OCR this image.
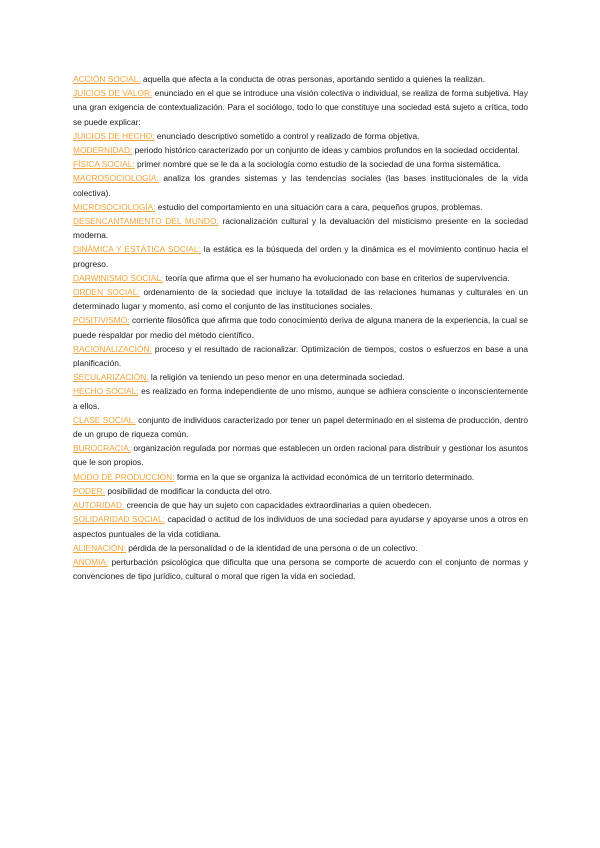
ACCIÓN SOCIAL: aquella que afecta a la conducta de otras personas, aportando sentido a quienes la realizan.

JUICIOS DE VALOR: enunciado en el que se introduce una visión colectiva o individual, se realiza de forma subjetiva. Hay una gran exigencia de contextualización. Para el sociólogo, todo lo que constituye una sociedad está sujeto a crítica, todo se puede explicar:

JUICIOS DE HECHO: enunciado descriptivo sometido a control y realizado de forma objetiva.

MODERNIDAD: periodo histórico caracterizado por un conjunto de ideas y cambios profundos en la sociedad occidental.

FÍSICA SOCIAL: primer nombre que se le da a la sociología como estudio de la sociedad de una forma sistemática.

MACROSOCIOLOGÍA: analiza los grandes sistemas y las tendencias sociales (las bases institucionales de la vida colectiva).

MICROSOCIOLOGÍA: estudio del comportamiento en una situación cara a cara, pequeños grupos, problemas.

DESENCANTAMIENTO DEL MUNDO: racionalización cultural y la devaluación del misticismo presente en la sociedad moderna.

DINÁMICA Y ESTÁTICA SOCIAL: la estática es la búsqueda del orden y la dinámica es el movimiento continuo hacia el progreso.

DARWINISMO SOCIAL: teoría que afirma que el ser humano ha evolucionado con base en criterios de supervivencia.

ORDEN SOCIAL: ordenamiento de la sociedad que incluye la totalidad de las relaciones humanas y culturales en un determinado lugar y momento, así como el conjunto de las instituciones sociales.

POSITIVISMO: corriente filosófica que afirma que todo conocimiento deriva de alguna manera de la experiencia, la cual se puede respaldar por medio del método científico.

RACIONALIZACIÓN: proceso y el resultado de racionalizar. Optimización de tiempos, costos o esfuerzos en base a una planificación.

SECULARIZACIÓN: la religión va teniendo un peso menor en una determinada sociedad.

HECHO SOCIAL: es realizado en forma independiente de uno mismo, aunque se adhiera consciente o inconscientemente a ellos.

CLASE SOCIAL: conjunto de individuos caracterizado por tener un papel determinado en el sistema de producción, dentro de un grupo de riqueza común.

BUROCRACIA: organización regulada por normas que establecen un orden racional para distribuir y gestionar los asuntos que le son propios.

MODO DE PRODUCCIÓN: forma en la que se organiza la actividad económica de un territorio determinado.

PODER: posibilidad de modificar la conducta del otro.

AUTORIDAD: creencia de que hay un sujeto con capacidades extraordinarias a quien obedecen.

SOLIDARIDAD SOCIAL: capacidad o actitud de los individuos de una sociedad para ayudarse y apoyarse unos a otros en aspectos puntuales de la vida cotidiana.

ALIENACIÓN: pérdida de la personalidad o de la identidad de una persona o de un colectivo.

ANOMIA: perturbación psicológica que dificulta que una persona se comporte de acuerdo con el conjunto de normas y convenciones de tipo jurídico, cultural o moral que rigen la vida en sociedad.
